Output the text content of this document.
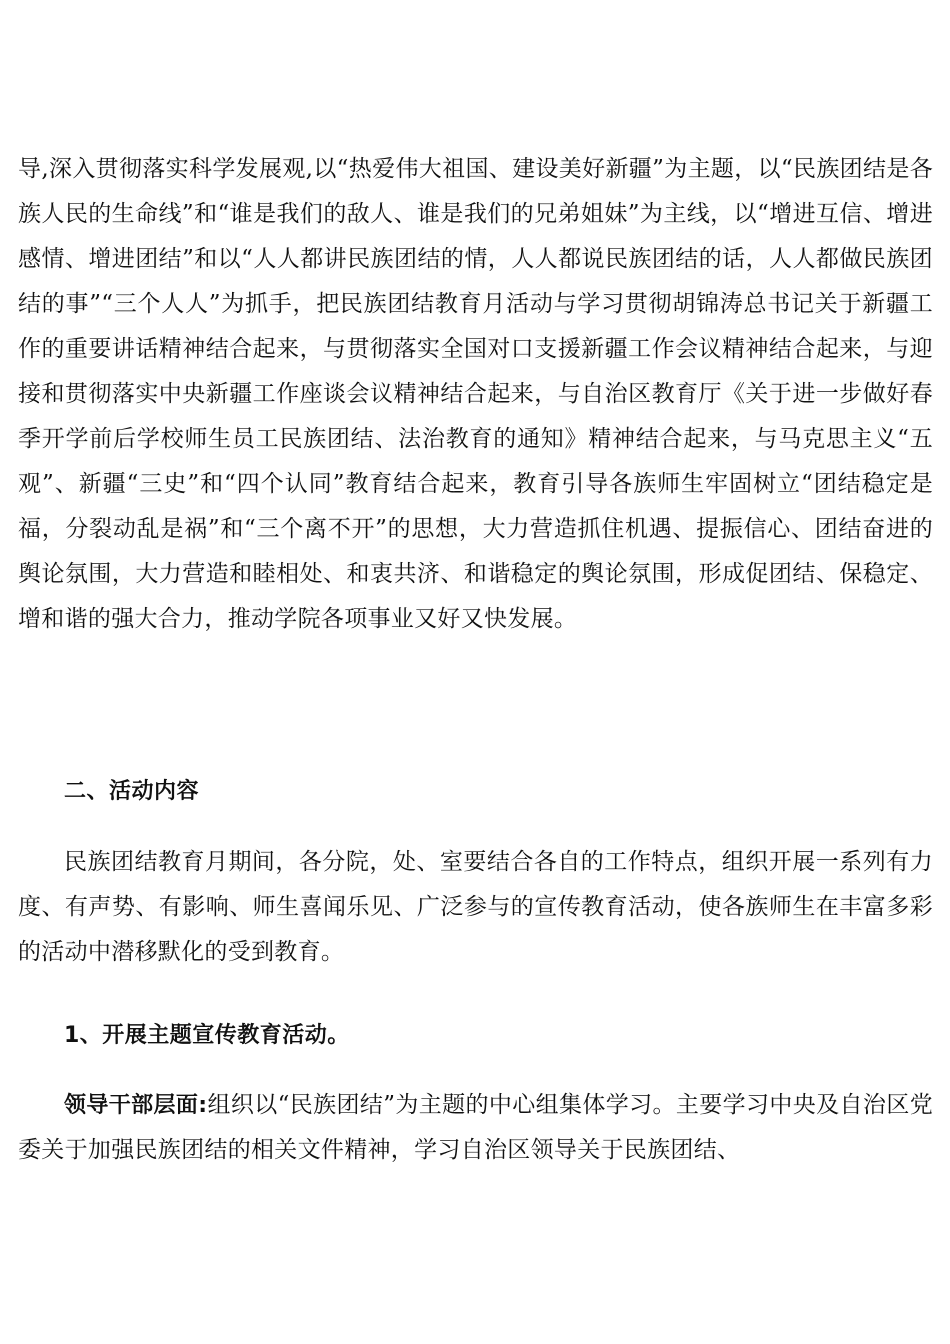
导,深入贯彻落实科学发展观,以“热爱伟大祖国、建设美好新疆”为主题，以“民族团结是各族人民的生命线”和“谁是我们的敌人、谁是我们的兄弟姐妹”为主线，以“增进互信、增进感情、增进团结”和以“人人都讲民族团结的情，人人都说民族团结的话，人人都做民族团结的事”“三个人人”为抓手，把民族团结教育月活动与学习贯彻胡锦涛总书记关于新疆工作的重要讲话精神结合起来，与贯彻落实全国对口支援新疆工作会议精神结合起来，与迎接和贯彻落实中央新疆工作座谈会议精神结合起来，与自治区教育厅《关于进一步做好春季开学前后学校师生员工民族团结、法治教育的通知》精神结合起来，与马克思主义“五观”、新疆“三史”和“四个认同”教育结合起来，教育引导各族师生牢固树立“团结稳定是福，分裂动乱是祸”和“三个离不开”的思想，大力营造抓住机遇、提振信心、团结奋进的舆论氛围，大力营造和睦相处、和衷共济、和谐稳定的舆论氛围，形成促团结、保稳定、增和谐的强大合力，推动学院各项事业又好又快发展。

二、活动内容

民族团结教育月期间，各分院，处、室要结合各自的工作特点，组织开展一系列有力度、有声势、有影响、师生喜闻乐见、广泛参与的宣传教育活动，使各族师生在丰富多彩的活动中潜移默化的受到教育。

1、开展主题宣传教育活动。

领导干部层面:组织以“民族团结”为主题的中心组集体学习。主要学习中央及自治区党委关于加强民族团结的相关文件精神，学习自治区领导关于民族团结、
